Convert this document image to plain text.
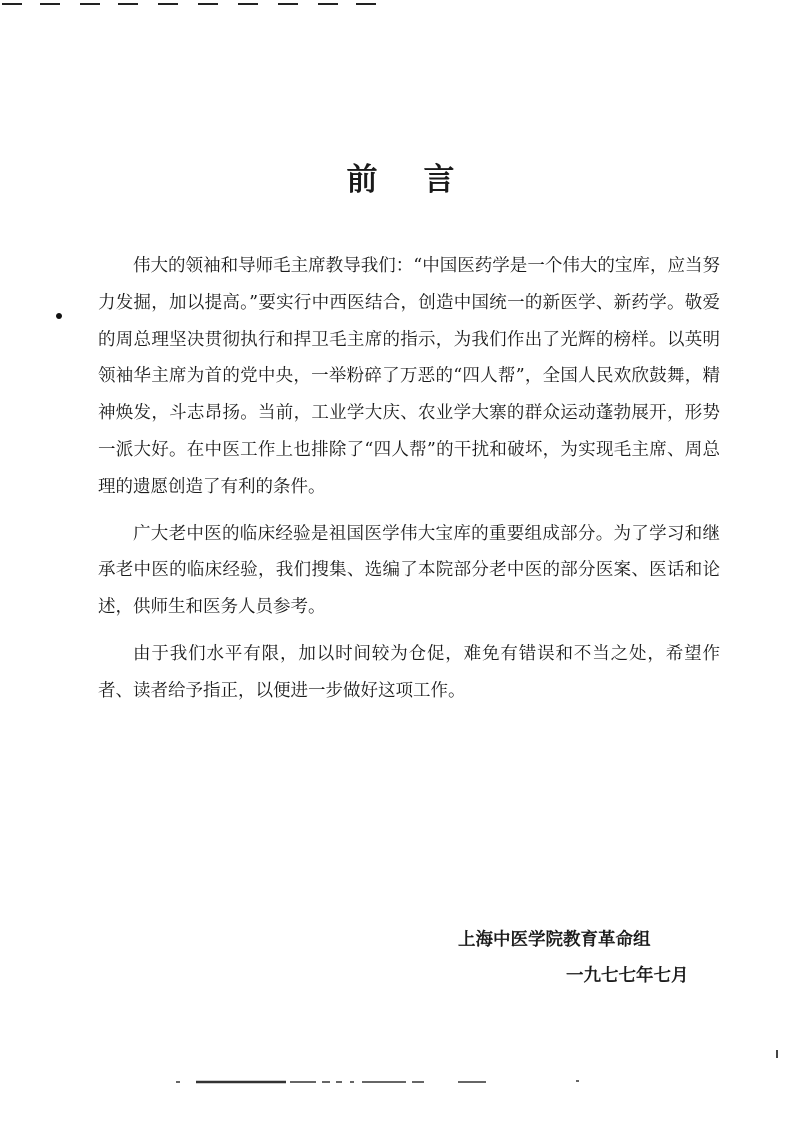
前言

伟大的领袖和导师毛主席教导我们：“中国医药学是一个伟大的宝库，应当努力发掘，加以提高。”要实行中西医结合，创造中国统一的新医学、新药学。敬爱的周总理坚决贯彻执行和捍卫毛主席的指示，为我们作出了光辉的榜样。以英明领袖华主席为首的党中央，一举粉碎了万恶的“四人帮”，全国人民欢欣鼓舞，精神焕发，斗志昂扬。当前，工业学大庆、农业学大寨的群众运动蓬勃展开，形势一派大好。在中医工作上也排除了“四人帮”的干扰和破坏，为实现毛主席、周总理的遗愿创造了有利的条件。

广大老中医的临床经验是祖国医学伟大宝库的重要组成部分。为了学习和继承老中医的临床经验，我们搜集、选编了本院部分老中医的部分医案、医话和论述，供师生和医务人员参考。

由于我们水平有限，加以时间较为仓促，难免有错误和不当之处，希望作者、读者给予指正，以便进一步做好这项工作。

上海中医学院教育革命组
一九七七年七月
